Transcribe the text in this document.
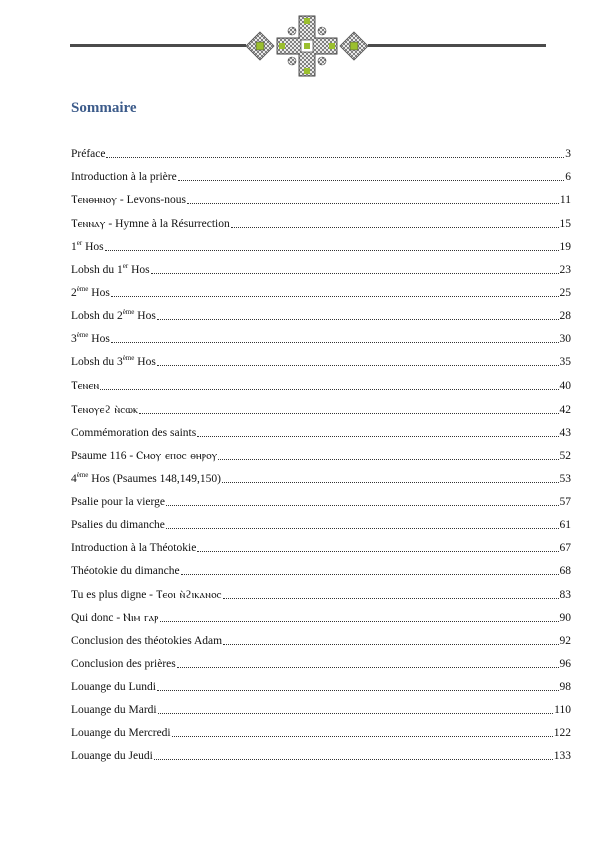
Sommaire
Préface	3
Introduction à la prière	6
Ⲧⲉⲛⲑⲏⲛⲟⲩ - Levons-nous	11
Ⲧⲉⲛⲛⲁⲩ - Hymne à la Résurrection	15
1er Hos	19
Lobsh du 1er Hos	23
2ème Hos	25
Lobsh du 2ème Hos	28
3ème Hos	30
Lobsh du 3ème Hos	35
Ⲧⲉⲛⲉⲛ	40
Ⲧⲉⲛⲟⲩⲉϩ ⲛ̀ⲥⲱⲕ	42
Commémoration des saints	43
Psaume 116 - Ⲥⲙⲟⲩ ⲉⲡⲟⲥ ⲑⲏⲣⲟⲩ	52
4ème Hos (Psaumes 148,149,150)	53
Psalie pour la vierge	57
Psalies du dimanche	61
Introduction à la Théotokie	67
Théotokie du dimanche	68
Tu es plus digne - Ⲧⲉⲟⲓ ⲛ̀ϩⲓⲕⲁⲛⲟⲥ	83
Qui donc - Ⲛⲓⲙ ⲅⲁⲣ	90
Conclusion des théotokies Adam	92
Conclusion des prières	96
Louange du Lundi	98
Louange du Mardi	110
Louange du Mercredi	122
Louange du Jeudi	133
